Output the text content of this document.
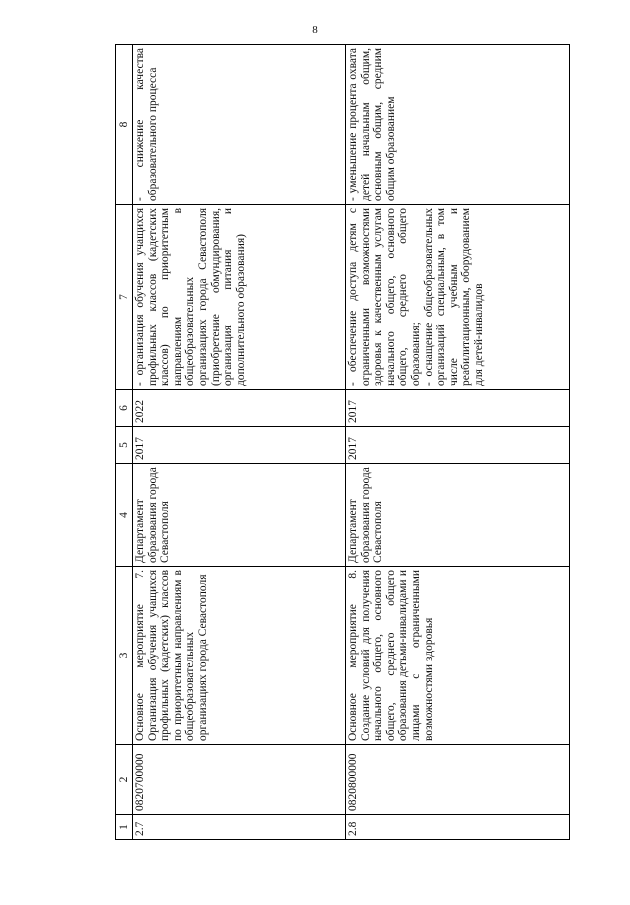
8
1	2	3	4	5	6	7	8
2.7	0820700000	Основное мероприятие 7. Организация обучения учащихся профильных (кадетских) классов по приоритетным направлениям в общеобразовательных организациях города Севастополя	Департамент образования города Севастополя	2017	2022	- организация обучения учащихся профильных классов (кадетских классов) по приоритетным направлениям в общеобразовательных организациях города Севастополя (приобретение обмундирования, организация питания и дополнительного образования)	- снижение качества образовательного процесса
2.8	0820800000	Основное мероприятие 8. Создание условий для получения начального общего, основного общего, среднего общего образования детьми-инвалидами и лицами с ограниченными возможностями здоровья	Департамент образования города Севастополя	2017	2017	- обеспечение доступа детям с ограниченными возможностями здоровья к качественным услугам начального общего, основного общего, среднего общего образования;
- оснащение общеобразовательных организаций специальным, в том числе учебным и реабилитационным, оборудованием для детей-инвалидов	- уменьшение процента охвата детей начальным общим, основным общим, средним общим образованием
